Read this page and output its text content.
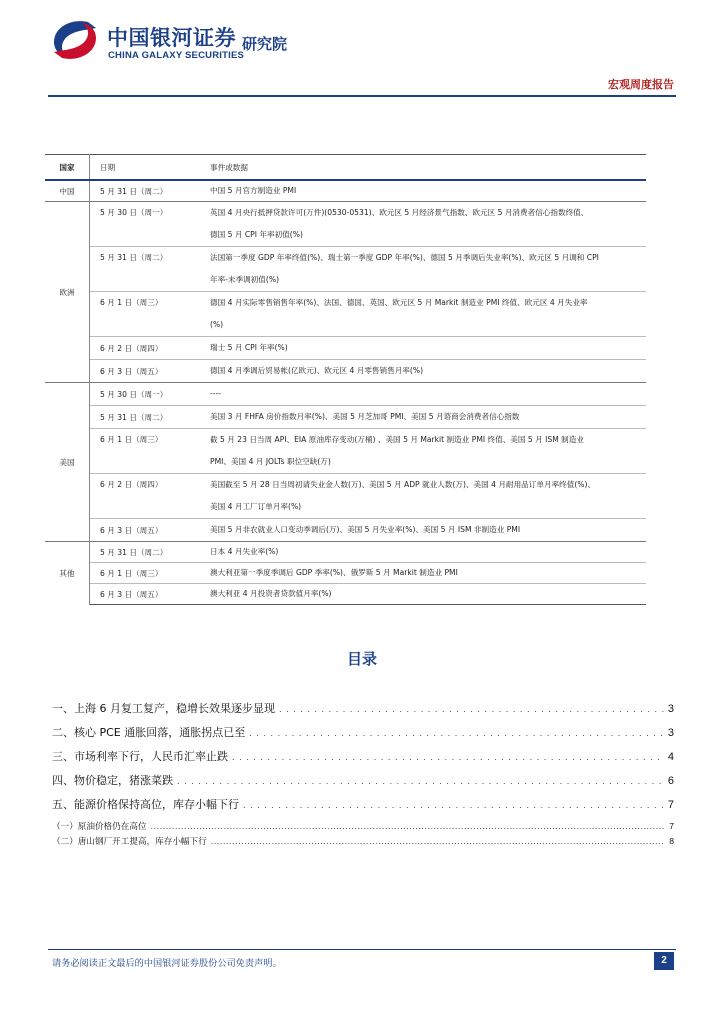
中国银河证券
CHINA GALAXY SECURITIES
研究院
宏观周度报告
国家	日期	事件或数据
中国	5 月 31 日（周二）	中国 5 月官方制造业 PMI

欧洲	5 月 30 日（周一）	英国 4 月央行抵押贷款许可(万件)(0530-0531)、欧元区 5 月经济景气指数、欧元区 5 月消费者信心指数终值、
德国 5 月 CPI 年率初值(%)

	5 月 31 日（周二）	法国第一季度 GDP 年率终值(%)、瑞士第一季度 GDP 年率(%)、德国 5 月季调后失业率(%)、欧元区 5 月调和 CPI
年率-未季调初值(%)

	6 月 1 日（周三）	德国 4 月实际零售销售年率(%)、法国、德国、英国、欧元区 5 月 Markit 制造业 PMI 终值、欧元区 4 月失业率
(%)

	6 月 2 日（周四）	瑞士 5 月 CPI 年率(%)

	6 月 3 日（周五）	德国 4 月季调后贸易帐(亿欧元)、欧元区 4 月零售销售月率(%)

美国	5 月 30 日（周一）	----

	5 月 31 日（周二）	美国 3 月 FHFA 房价指数月率(%)、美国 5 月芝加哥 PMI、美国 5 月谘商会消费者信心指数

	6 月 1 日（周三）	截 5 月 23 日当周 API、EIA 原油库存变动(万桶) 、美国 5 月 Markit 制造业 PMI 终值、美国 5 月 ISM 制造业
PMI、美国 4 月 JOLTs 职位空缺(万)

	6 月 2 日（周四）	美国截至 5 月 28 日当周初请失业金人数(万)、美国 5 月 ADP 就业人数(万)、美国 4 月耐用品订单月率终值(%)、
美国 4 月工厂订单月率(%)

	6 月 3 日（周五）	美国 5 月非农就业人口变动季调后(万)、美国 5 月失业率(%)、美国 5 月 ISM 非制造业 PMI

其他	5 月 31 日（周二）	日本 4 月失业率(%)

	6 月 1 日（周三）	澳大利亚第一季度季调后 GDP 季率(%)、俄罗斯 5 月 Markit 制造业 PMI

	6 月 3 日（周五）	澳大利亚 4 月投资者贷款值月率(%)
目录
一、上海 6 月复工复产，稳增长效果逐步显现 . . .	3
二、核心 PCE 通胀回落，通胀拐点已至 . . .	3
三、市场利率下行，人民币汇率止跌 . . .	4
四、物价稳定，猪涨菜跌 . . .	6
五、能源价格保持高位，库存小幅下行 . . .	7
（一）原油价格仍在高位 .....	7
（二）唐山钢厂开工提高，库存小幅下行 .....	8
请务必阅读正文最后的中国银河证券股份公司免责声明。	2
